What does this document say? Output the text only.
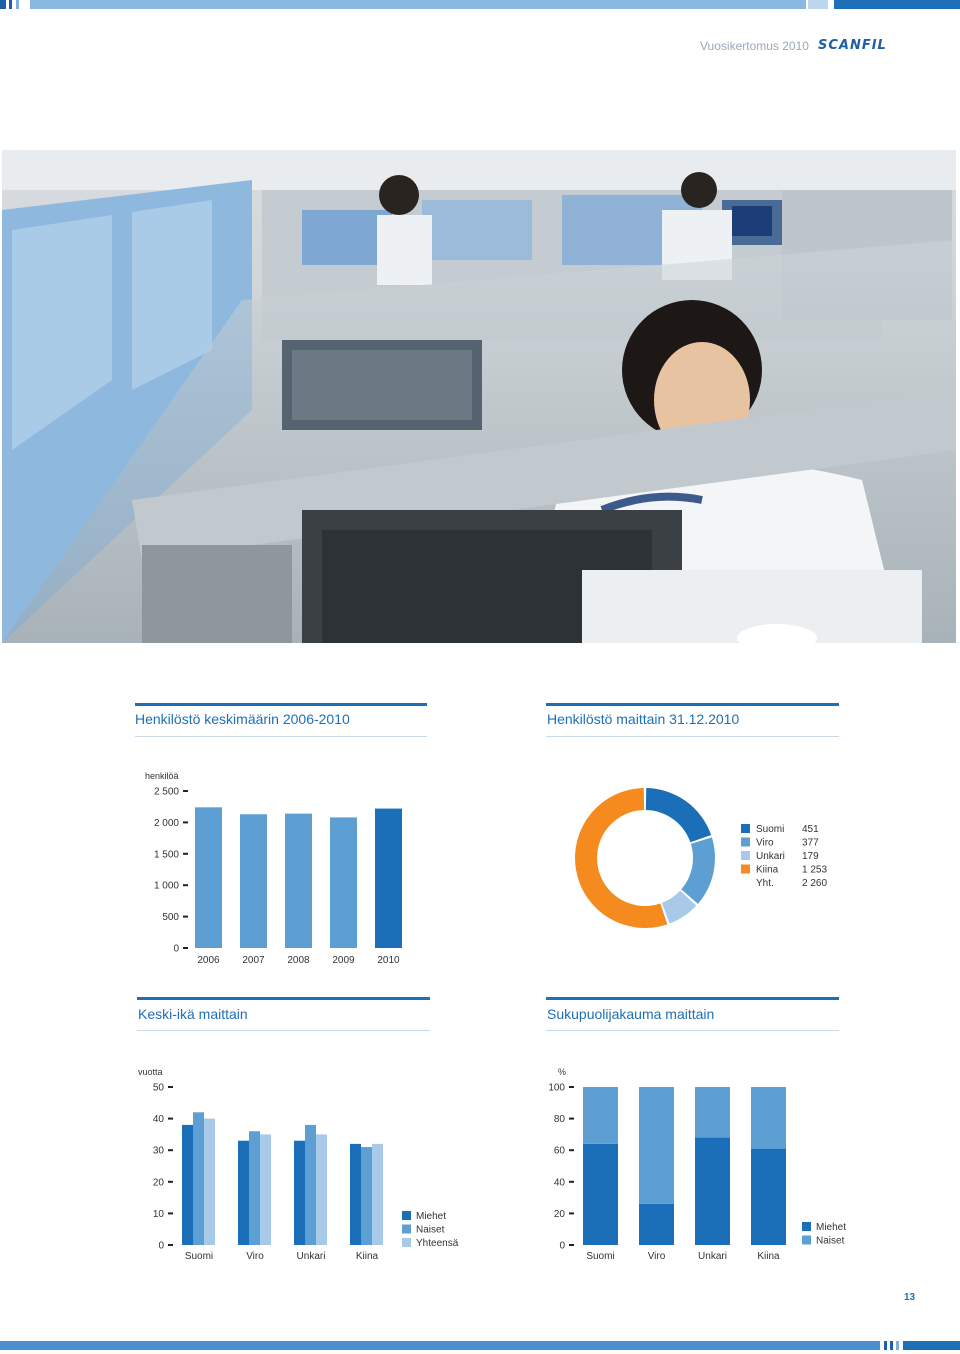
Vuosikertomus 2010 SCANFIL
Henkilöstö keskimäärin 2006-2010	Henkilöstö maittain 31.12.2010
Keski-ikä maittain	Sukupuolijakauma maittain
0
500
1 000
1 500
2 000
2 500
henkilöä
2006 2007 2008 2009 2010
Suomi 451
Viro	377
Unkari 179
Kiina 1 253
Yht.	2 260
0
10
20
30
40
50
vuotta
Suomi	Viro	Unkari	Kiina
Miehet
Naiset
Yhteensä	0
20
40
60
80
100
%
Suomi	Viro	Unkari	Kiina
Miehet
Naiset
13
